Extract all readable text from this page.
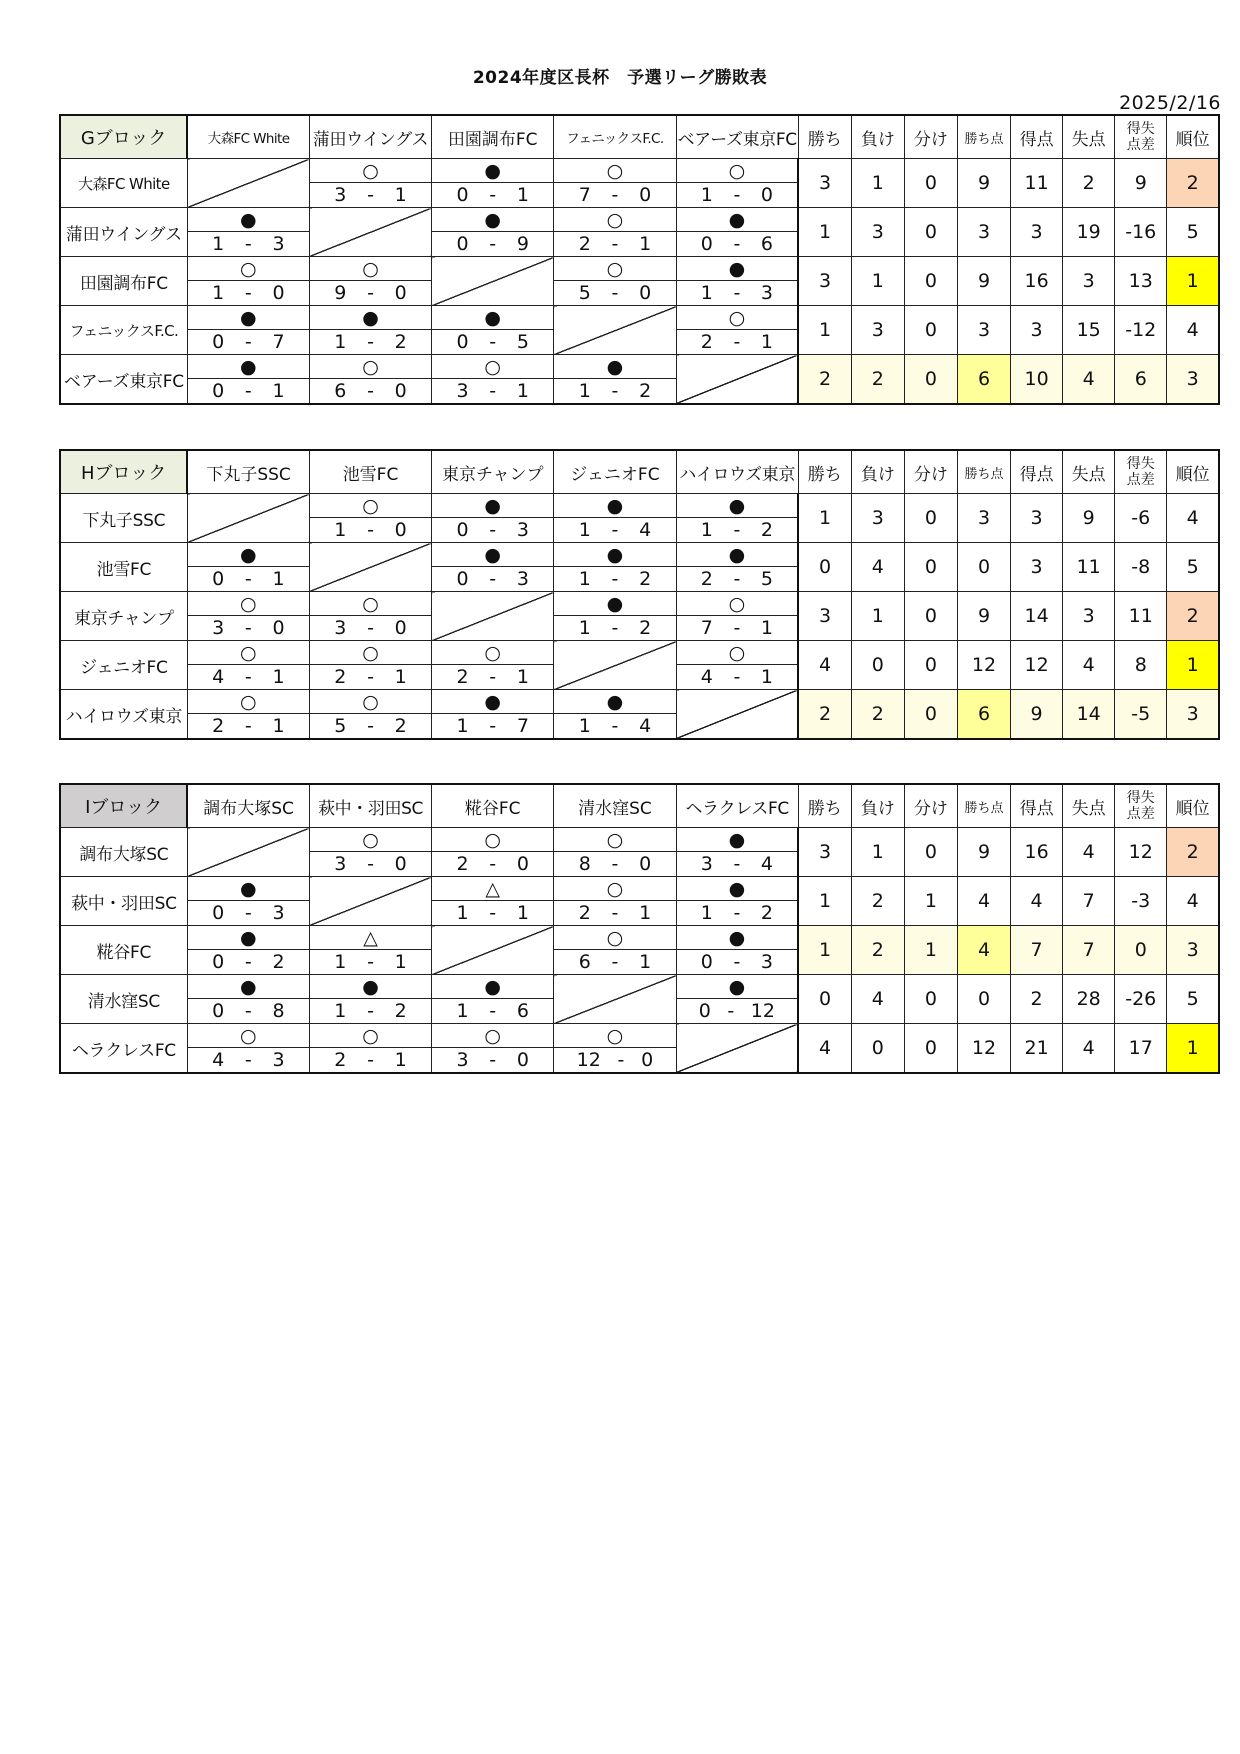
2024年度区長杯　予選リーグ勝敗表
2025/2/16
Gブロック	大森FC White	蒲田ウイングス	田園調布FC	フェニックスF.C.	ベアーズ東京FC	勝ち	負け	分け	勝ち点	得点	失点	得失
点差	順位
大森FC White		○	●	○	○	3	1	0	9	11	2	9	2

		3 - 1	0 - 1	7 - 0	1 - 0								

蒲田ウイングス	●		●	○	●	1	3	0	3	3	19	-16	5

	1 - 3		0 - 9	2 - 1	0 - 6								

田園調布FC	○	○		○	●	3	1	0	9	16	3	13	1

	1 - 0	9 - 0		5 - 0	1 - 3								

フェニックスF.C.	●	●	●		○	1	3	0	3	3	15	-12	4

	0 - 7	1 - 2	0 - 5		2 - 1								

ベアーズ東京FC	●	○	○	●		2	2	0	6	10	4	6	3

	0 - 1	6 - 0	3 - 1	1 - 2									
Hブロック	下丸子SSC	池雪FC	東京チャンプ	ジェニオFC	ハイロウズ東京	勝ち	負け	分け	勝ち点	得点	失点	得失
点差	順位
下丸子SSC		○	●	●	●	1	3	0	3	3	9	-6	4

		1 - 0	0 - 3	1 - 4	1 - 2								

池雪FC	●		●	●	●	0	4	0	0	3	11	-8	5

	0 - 1		0 - 3	1 - 2	2 - 5								

東京チャンプ	○	○		●	○	3	1	0	9	14	3	11	2

	3 - 0	3 - 0		1 - 2	7 - 1								

ジェニオFC	○	○	○		○	4	0	0	12	12	4	8	1

	4 - 1	2 - 1	2 - 1		4 - 1								

ハイロウズ東京	○	○	●	●		2	2	0	6	9	14	-5	3

	2 - 1	5 - 2	1 - 7	1 - 4									
Iブロック	調布大塚SC	萩中・羽田SC	糀谷FC	清水窪SC	ヘラクレスFC	勝ち	負け	分け	勝ち点	得点	失点	得失
点差	順位
調布大塚SC		○	○	○	●	3	1	0	9	16	4	12	2

		3 - 0	2 - 0	8 - 0	3 - 4								

萩中・羽田SC	●		△	○	●	1	2	1	4	4	7	-3	4

	0 - 3		1 - 1	2 - 1	1 - 2								

糀谷FC	●	△		○	●	1	2	1	4	7	7	0	3

	0 - 2	1 - 1		6 - 1	0 - 3								

清水窪SC	●	●	●		●	0	4	0	0	2	28	-26	5

	0 - 8	1 - 2	1 - 6		0 - 12								

ヘラクレスFC	○	○	○	○		4	0	0	12	21	4	17	1

	4 - 3	2 - 1	3 - 0	12 - 0									
